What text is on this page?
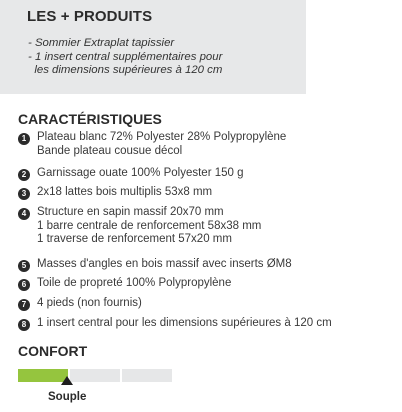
LES + PRODUITS
- Sommier Extraplat tapissier
- 1 insert central supplémentaires pour
les dimensions supérieures à 120 cm
CARACTÉRISTIQUES
1 Plateau blanc 72% Polyester 28% Polypropylène
Bande plateau cousue décol
2 Garnissage ouate 100% Polyester 150 g
3 2x18 lattes bois multiplis 53x8 mm
4 Structure en sapin massif 20x70 mm
1 barre centrale de renforcement 58x38 mm
1 traverse de renforcement 57x20 mm
5 Masses d'angles en bois massif avec inserts ØM8
6 Toile de propreté 100% Polypropylène
7 4 pieds (non fournis)
8 1 insert central pour les dimensions supérieures à 120 cm
CONFORT

Souple
